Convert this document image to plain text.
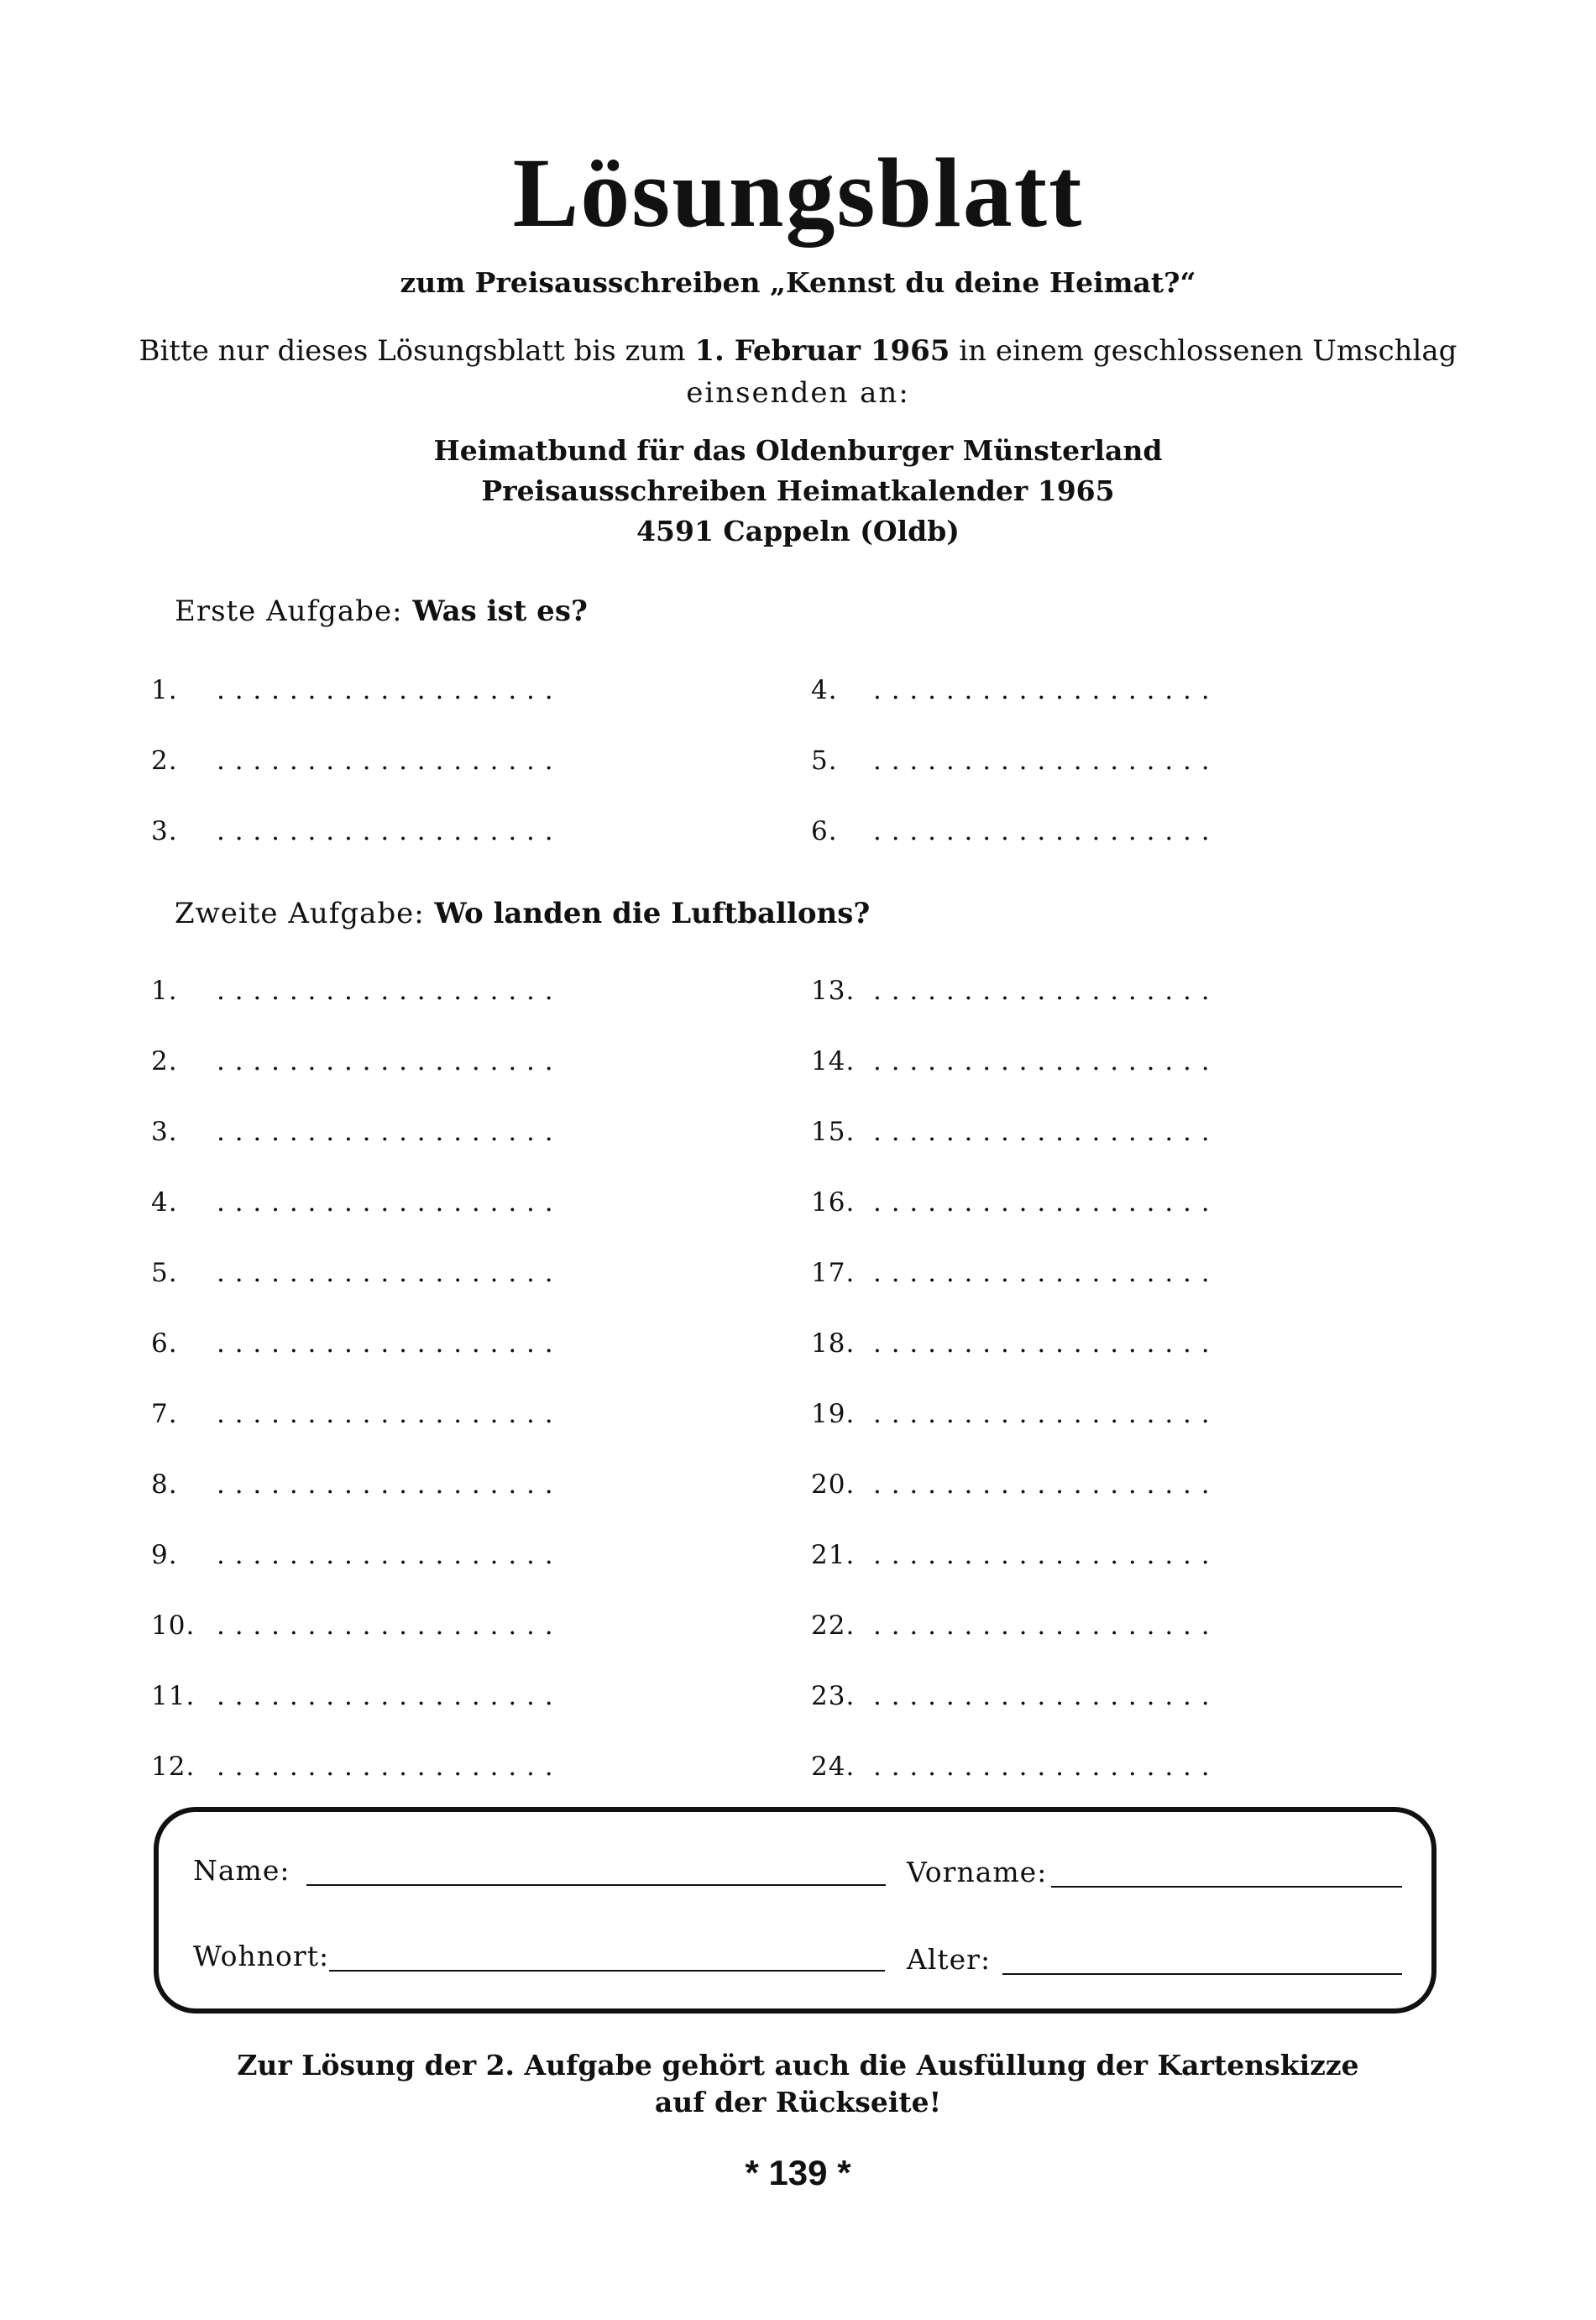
Lösungsblatt
zum Preisausschreiben „Kennst du deine Heimat?“
Bitte nur dieses Lösungsblatt bis zum 1. Februar 1965 in einem geschlossenen Umschlag
einsenden an:
Heimatbund für das Oldenburger Münsterland
Preisausschreiben Heimatkalender 1965
4591 Cappeln (Oldb)
Erste Aufgabe: Was ist es?
1. . . . . . . . . . . . . . . . . . . .	4. . . . . . . . . . . . . . . . . . . .
2. . . . . . . . . . . . . . . . . . . .	5. . . . . . . . . . . . . . . . . . . .
3. . . . . . . . . . . . . . . . . . . .	6. . . . . . . . . . . . . . . . . . . .
Zweite Aufgabe: Wo landen die Luftballons?
1. . . . . . . . . . . . . . . . . . . .	13. . . . . . . . . . . . . . . . . . . .
2. . . . . . . . . . . . . . . . . . . .	14. . . . . . . . . . . . . . . . . . . .
3. . . . . . . . . . . . . . . . . . . .	15. . . . . . . . . . . . . . . . . . . .
4. . . . . . . . . . . . . . . . . . . .	16. . . . . . . . . . . . . . . . . . . .
5. . . . . . . . . . . . . . . . . . . .	17. . . . . . . . . . . . . . . . . . . .
6. . . . . . . . . . . . . . . . . . . .	18. . . . . . . . . . . . . . . . . . . .
7. . . . . . . . . . . . . . . . . . . .	19. . . . . . . . . . . . . . . . . . . .
8. . . . . . . . . . . . . . . . . . . .	20. . . . . . . . . . . . . . . . . . . .
9. . . . . . . . . . . . . . . . . . . .	21. . . . . . . . . . . . . . . . . . . .
10. . . . . . . . . . . . . . . . . . . .	22. . . . . . . . . . . . . . . . . . . .
11. . . . . . . . . . . . . . . . . . . .	23. . . . . . . . . . . . . . . . . . . .
12. . . . . . . . . . . . . . . . . . . .	24. . . . . . . . . . . . . . . . . . . .
Name:	Vorname:
Wohnort:	Alter:
Zur Lösung der 2. Aufgabe gehört auch die Ausfüllung der Kartenskizze
auf der Rückseite!
* 139 *
